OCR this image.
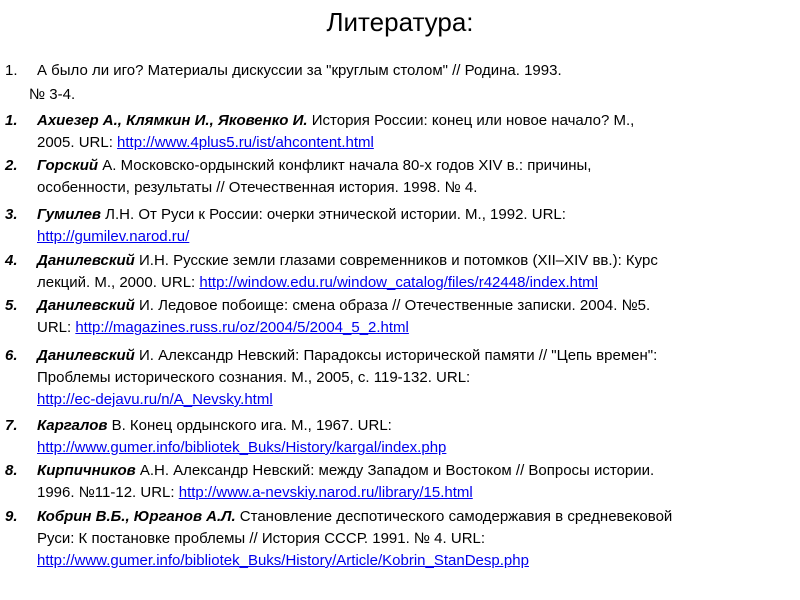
Литература:
1. А было ли иго? Материалы дискуссии за "круглым столом" // Родина. 1993.
№ 3-4.
1. Ахиезер А., Клямкин И., Яковенко И. История России: конец или новое начало? М.,
2005. URL: http://www.4plus5.ru/ist/ahcontent.html
2. Горский А. Московско-ордынский конфликт начала 80-х годов XIV в.: причины,
особенности, результаты // Отечественная история. 1998. № 4.
3. Гумилев Л.Н. От Руси к России: очерки этнической истории. М., 1992. URL:
http://gumilev.narod.ru/
4. Данилевский И.Н. Русские земли глазами современников и потомков (XII–XIV вв.): Курс
лекций. М., 2000. URL: http://window.edu.ru/window_catalog/files/r42448/index.html
5. Данилевский И. Ледовое побоище: смена образа // Отечественные записки. 2004. №5.
URL: http://magazines.russ.ru/oz/2004/5/2004_5_2.html
6. Данилевский И. Александр Невский: Парадоксы исторической памяти // "Цепь времен":
Проблемы исторического сознания. М., 2005, с. 119-132. URL:
http://ec-dejavu.ru/n/A_Nevsky.html
7. Каргалов В. Конец ордынского ига. М., 1967. URL:
http://www.gumer.info/bibliotek_Buks/History/kargal/index.php
8. Кирпичников А.Н. Александр Невский: между Западом и Востоком // Вопросы истории.
1996. №11-12. URL: http://www.a-nevskiy.narod.ru/library/15.html
9. Кобрин В.Б., Юрганов А.Л. Становление деспотического самодержавия в средневековой
Руси: К постановке проблемы // История СССР. 1991. № 4. URL:
http://www.gumer.info/bibliotek_Buks/History/Article/Kobrin_StanDesp.php
